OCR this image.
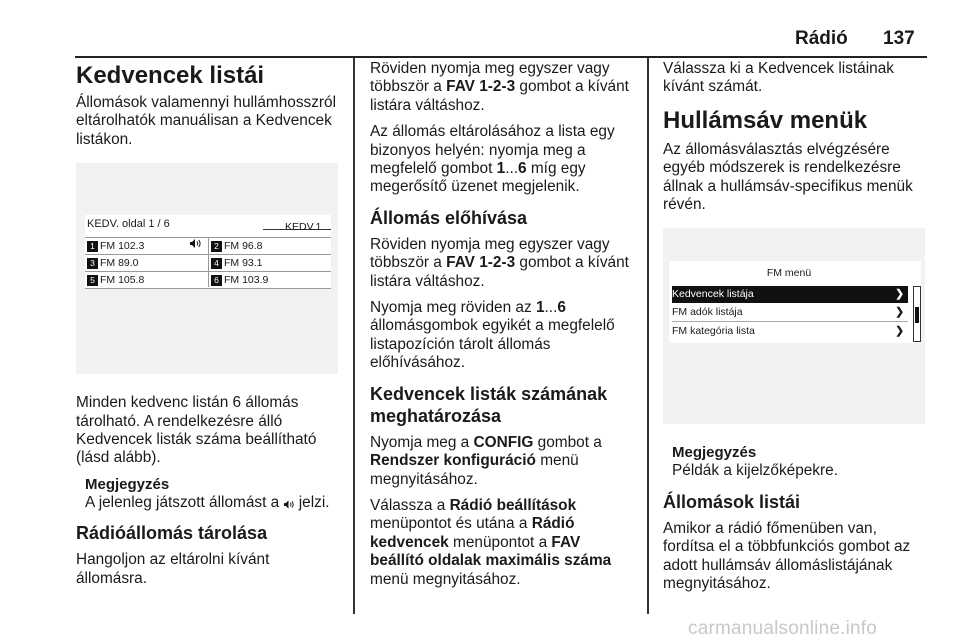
Rádió 137
Kedvencek listái

Állomások valamennyi hullámhosszról eltárolhatók manuálisan a Kedvencek listákon.

KEDV. oldal 1 / 6	KEDV.1
1 FM 102.3	2 FM 96.8
3 FM 89.0	4 FM 93.1
5 FM 105.8	6 FM 103.9

Minden kedvenc listán 6 állomás tárolható. A rendelkezésre álló Kedvencek listák száma beállítható (lásd alább).

Megjegyzés

A jelenleg játszott állomást a  jelzi.

Rádióállomás tárolása

Hangoljon az eltárolni kívánt állomásra.

Röviden nyomja meg egyszer vagy többször a FAV 1-2-3 gombot a kívánt listára váltáshoz.

Az állomás eltárolásához a lista egy bizonyos helyén: nyomja meg a megfelelő gombot 1...6 míg egy megerősítő üzenet megjelenik.

Állomás előhívása

Röviden nyomja meg egyszer vagy többször a FAV 1-2-3 gombot a kívánt listára váltáshoz.

Nyomja meg röviden az 1...6 állomásgombok egyikét a megfelelő listapozíción tárolt állomás előhívásához.

Kedvencek listák számának meghatározása

Nyomja meg a CONFIG gombot a Rendszer konfiguráció menü megnyitásához.

Válassza a Rádió beállítások menüpontot és utána a Rádió kedvencek menüpontot a FAV beállító oldalak maximális száma menü megnyitásához.

Válassza ki a Kedvencek listáinak kívánt számát.

Hullámsáv menük

Az állomásválasztás elvégzésére egyéb módszerek is rendelkezésre állnak a hullámsáv-specifikus menük révén.

FM menü
Kedvencek listája	❯
FM adók listája	❯
FM kategória lista	❯
Megjegyzés

Példák a kijelzőképekre.

Állomások listái

Amikor a rádió főmenüben van, fordítsa el a többfunkciós gombot az adott hullámsáv állomáslistájának megnyitásához.

carmanualsonline.info
